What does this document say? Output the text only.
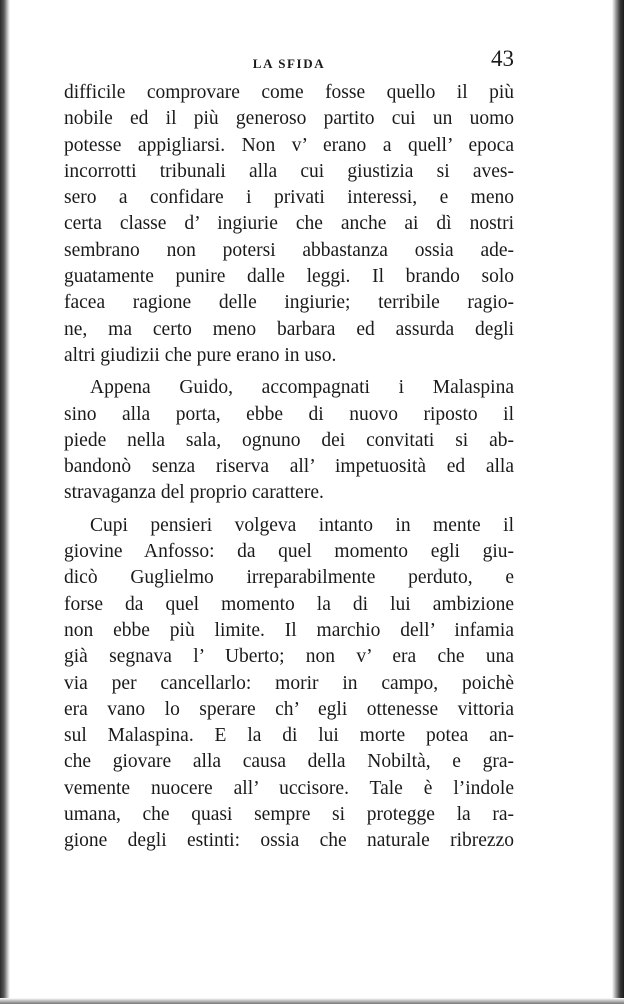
LA SFIDA	43
difficile comprovare come fosse quello il più
nobile ed il più generoso partito cui un uomo
potesse appigliarsi. Non v’ erano a quell’ epoca
incorrotti tribunali alla cui giustizia si aves-
sero a confidare i privati interessi, e meno
certa classe d’ ingiurie che anche ai dì nostri
sembrano non potersi abbastanza ossia ade-
guatamente punire dalle leggi. Il brando solo
facea ragione delle ingiurie; terribile ragio-
ne, ma certo meno barbara ed assurda degli
altri giudizii che pure erano in uso.
Appena Guido, accompagnati i Malaspina
sino alla porta, ebbe di nuovo riposto il
piede nella sala, ognuno dei convitati si ab-
bandonò senza riserva all’ impetuosità ed alla
stravaganza del proprio carattere.
Cupi pensieri volgeva intanto in mente il
giovine Anfosso: da quel momento egli giu-
dicò Guglielmo irreparabilmente perduto, e
forse da quel momento la di lui ambizione
non ebbe più limite. Il marchio dell’ infamia
già segnava l’ Uberto; non v’ era che una
via per cancellarlo: morir in campo, poichè
era vano lo sperare ch’ egli ottenesse vittoria
sul Malaspina. E la di lui morte potea an-
che giovare alla causa della Nobiltà, e gra-
vemente nuocere all’ uccisore. Tale è l’indole
umana, che quasi sempre si protegge la ra-
gione degli estinti: ossia che naturale ribrezzo
